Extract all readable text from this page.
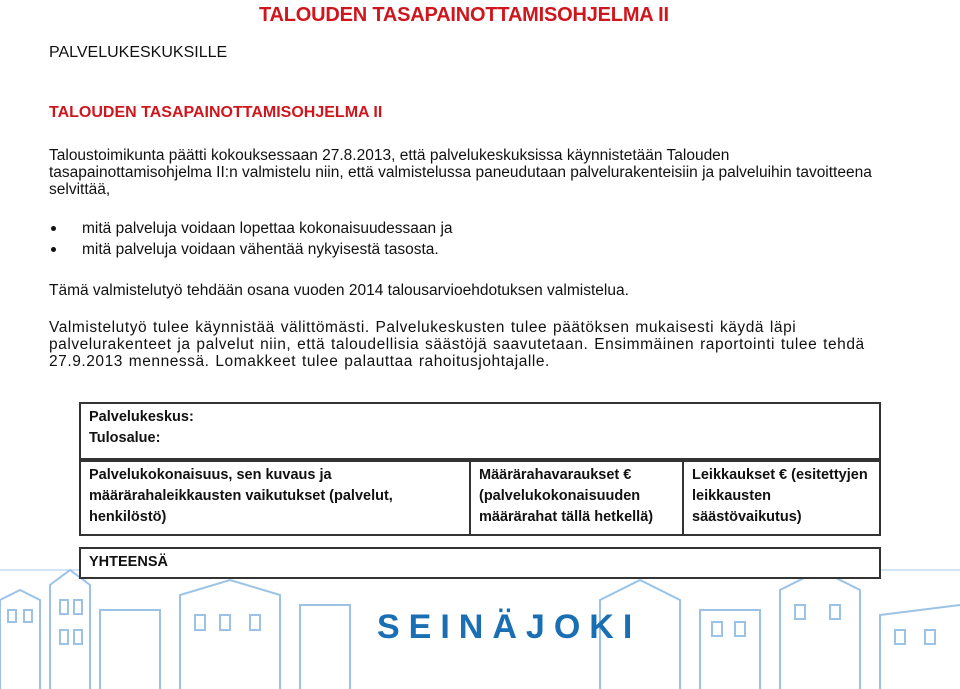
TALOUDEN TASAPAINOTTAMISOHJELMA II
PALVELUKESKUKSILLE
TALOUDEN TASAPAINOTTAMISOHJELMA II
Taloustoimikunta päätti kokouksessaan 27.8.2013, että palvelukeskuksissa käynnistetään Talouden tasapainottamisohjelma II:n valmistelu niin, että valmistelussa paneudutaan palvelurakenteisiin ja palveluihin tavoitteena selvittää,
mitä palveluja voidaan lopettaa kokonaisuudessaan ja
mitä palveluja voidaan vähentää nykyisestä tasosta.
Tämä valmistelutyö tehdään osana vuoden 2014 talousarvioehdotuksen valmistelua.
Valmistelutyö tulee käynnistää välittömästi. Palvelukeskusten tulee päätöksen mukaisesti käydä läpi palvelurakenteet ja palvelut niin, että taloudellisia säästöjä saavutetaan. Ensimmäinen raportointi tulee tehdä 27.9.2013 mennessä. Lomakkeet tulee palauttaa rahoitusjohtajalle.
Palvelukeskus:
Tulosalue:
Palvelukokonaisuus, sen kuvaus ja määrärahaleikkausten vaikutukset (palvelut, henkilöstö)
Määrärahavaraukset € (palvelukokonaisuuden määrärahat tällä hetkellä)
Leikkaukset € (esitettyjen leikkausten säästövaikutus)
YHTEENSÄ
SEINÄJOKI
